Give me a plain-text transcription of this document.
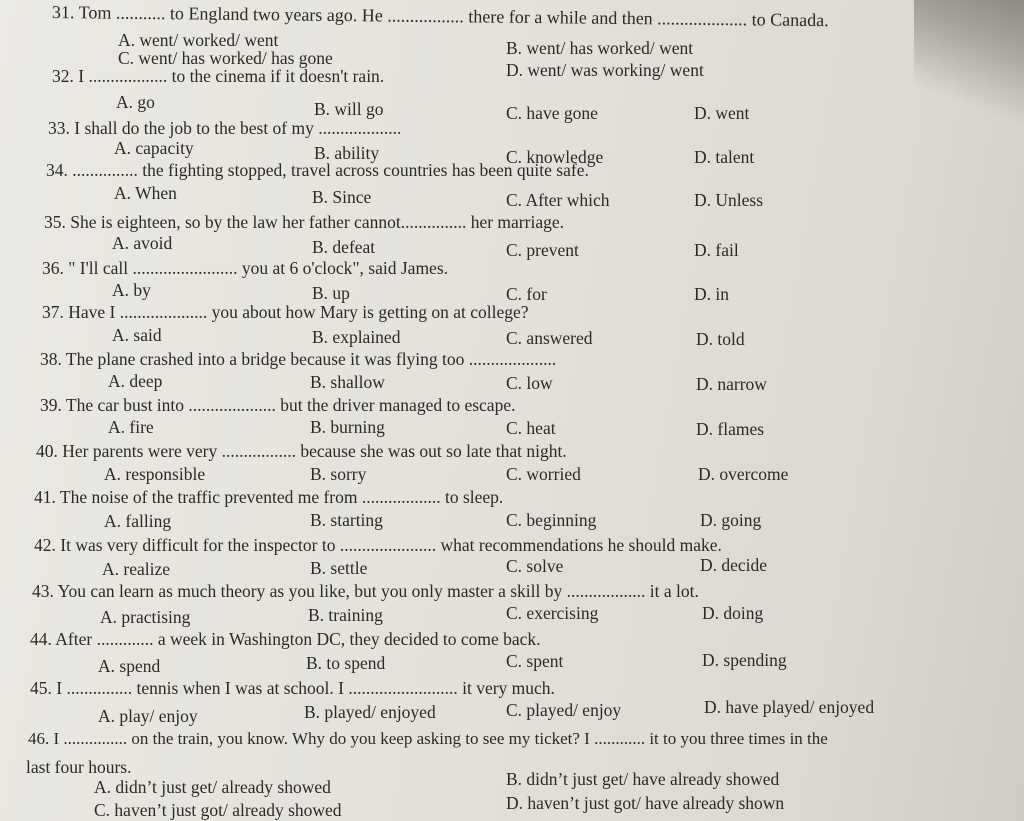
31. Tom ........... to England two years ago. He ................. there for a while and then .................... to Canada.
A. went/ worked/ went	B. went/ has worked/ went
C. went/ has worked/ has gone
D. went/ was working/ went
32. I .................. to the cinema if it doesn't rain.
A. go	B. will go	C. have gone	D. went
33. I shall do the job to the best of my ...................
A. capacity	B. ability	C. knowledge	D. talent
34. ............... the fighting stopped, travel across countries has been quite safe.
A. When	B. Since	C. After which	D. Unless
35. She is eighteen, so by the law her father cannot............... her marriage.
A. avoid	B. defeat	C. prevent	D. fail
36. " I'll call ........................ you at 6 o'clock", said James.
A. by	B. up	C. for	D. in
37. Have I .................... you about how Mary is getting on at college?
A. said	B. explained	C. answered	D. told
38. The plane crashed into a bridge because it was flying too ....................
A. deep	B. shallow	C. low	D. narrow
39. The car bust into .................... but the driver managed to escape.
A. fire	B. burning	C. heat	D. flames
40. Her parents were very ................. because she was out so late that night.
A. responsible	B. sorry	C. worried	D. overcome
41. The noise of the traffic prevented me from .................. to sleep.
A. falling	B. starting	C. beginning	D. going
42. It was very difficult for the inspector to ...................... what recommendations he should make.
A. realize	B. settle	C. solve	D. decide
43. You can learn as much theory as you like, but you only master a skill by .................. it a lot.
A. practising	B. training	C. exercising	D. doing
44. After ............. a week in Washington DC, they decided to come back.
A. spend	B. to spend	C. spent	D. spending
45. I ............... tennis when I was at school. I ......................... it very much.
A. play/ enjoy	B. played/ enjoyed	C. played/ enjoy	D. have played/ enjoyed
46. I ............... on the train, you know. Why do you keep asking to see my ticket? I ............ it to you three times in the
last four hours.
A. didn’t just get/ already showed	B. didn’t just get/ have already showed
C. haven’t just got/ already showed	D. haven’t just got/ have already shown
